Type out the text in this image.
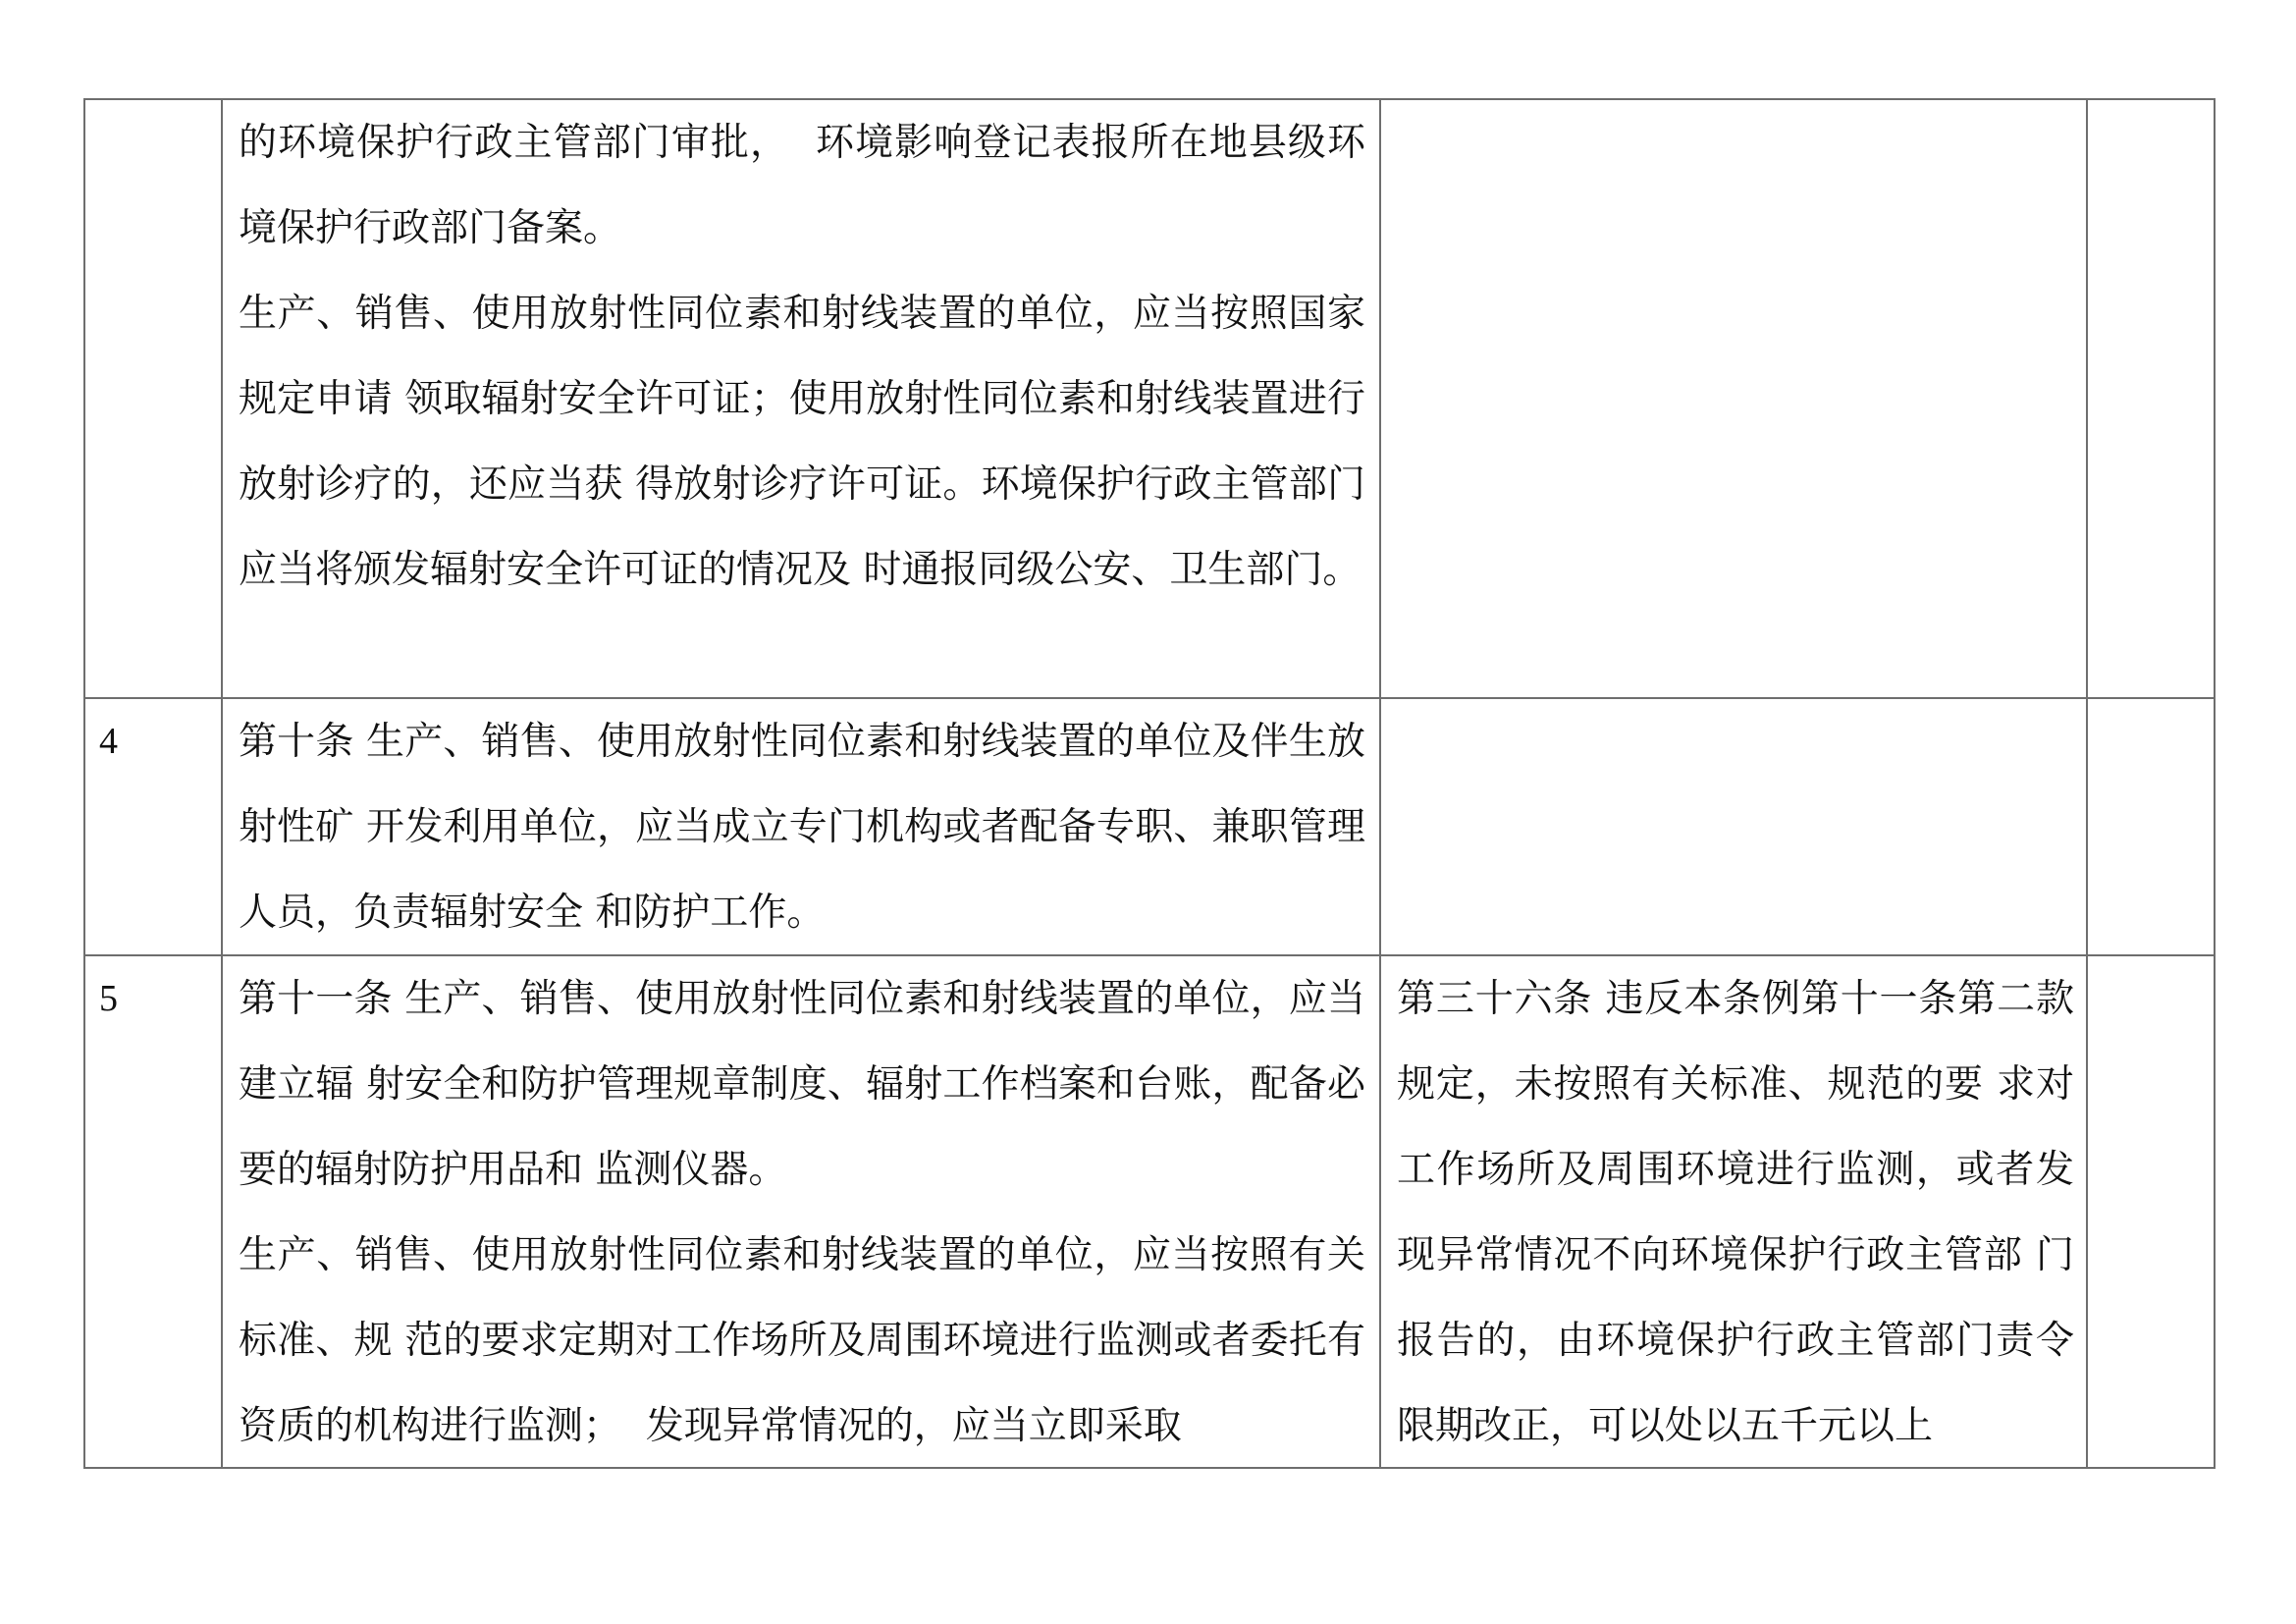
	的环境保护行政主管部门审批，  环境影响登记表报所在地县级环境保护行政部门备案。

生产、销售、使用放射性同位素和射线装置的单位，应当按照国家规定申请 领取辐射安全许可证；使用放射性同位素和射线装置进行放射诊疗的，还应当获 得放射诊疗许可证。环境保护行政主管部门应当将颁发辐射安全许可证的情况及 时通报同级公安、卫生部门。		

4	第十条 生产、销售、使用放射性同位素和射线装置的单位及伴生放射性矿 开发利用单位，应当成立专门机构或者配备专职、兼职管理人员，负责辐射安全 和防护工作。		

5	第十一条 生产、销售、使用放射性同位素和射线装置的单位，应当建立辐 射安全和防护管理规章制度、辐射工作档案和台账，配备必要的辐射防护用品和 监测仪器。

生产、销售、使用放射性同位素和射线装置的单位，应当按照有关标准、规 范的要求定期对工作场所及周围环境进行监测或者委托有资质的机构进行监测；  发现异常情况的，应当立即采取	第三十六条 违反本条例第十一条第二款规定，未按照有关标准、规范的要 求对工作场所及周围环境进行监测，或者发现异常情况不向环境保护行政主管部 门报告的，由环境保护行政主管部门责令限期改正，可以处以五千元以上	
